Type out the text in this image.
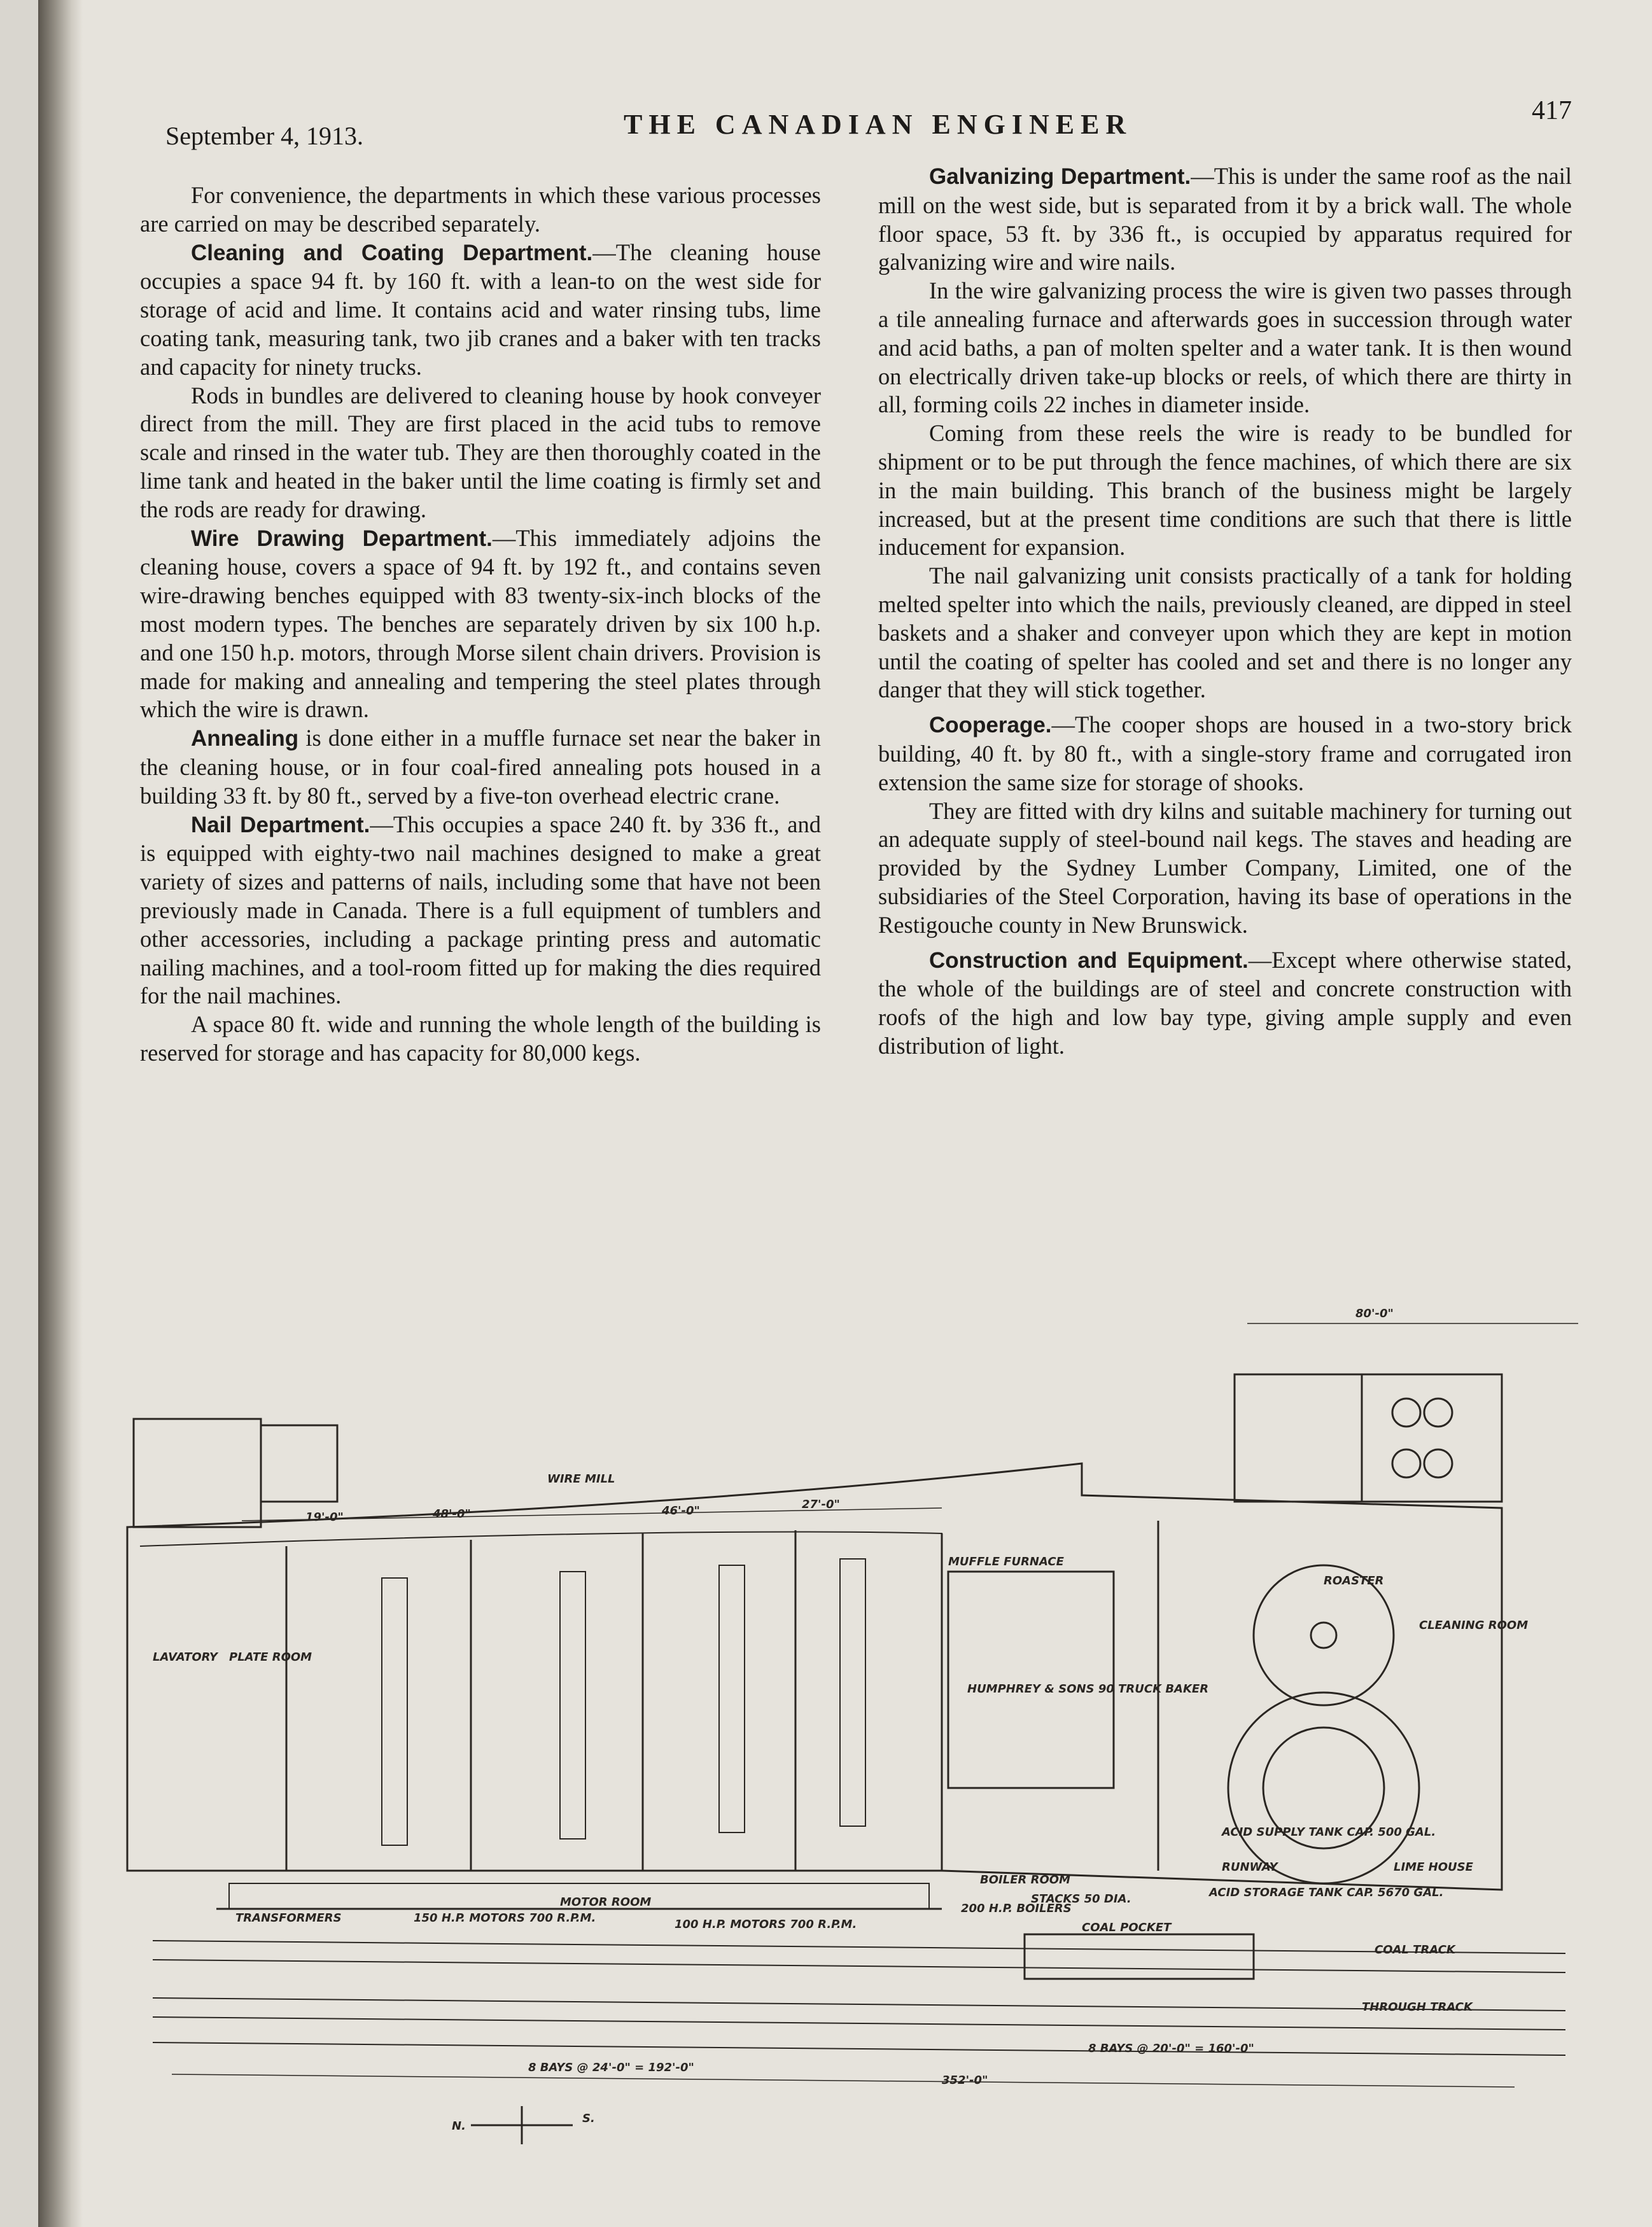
September 4, 1913.	THE CANADIAN ENGINEER	417

For convenience, the departments in which these various processes are carried on may be described separately.

Cleaning and Coating Department.—The cleaning house occupies a space 94 ft. by 160 ft. with a lean-to on the west side for storage of acid and lime. It contains acid and water rinsing tubs, lime coating tank, measuring tank, two jib cranes and a baker with ten tracks and capacity for ninety trucks.

Rods in bundles are delivered to cleaning house by hook conveyer direct from the mill. They are first placed in the acid tubs to remove scale and rinsed in the water tub. They are then thoroughly coated in the lime tank and heated in the baker until the lime coating is firmly set and the rods are ready for drawing.

Wire Drawing Department.—This immediately adjoins the cleaning house, covers a space of 94 ft. by 192 ft., and contains seven wire-drawing benches equipped with 83 twenty-six-inch blocks of the most modern types. The benches are separately driven by six 100 h.p. and one 150 h.p. motors, through Morse silent chain drivers. Provision is made for making and annealing and tempering the steel plates through which the wire is drawn.

Annealing is done either in a muffle furnace set near the baker in the cleaning house, or in four coal-fired annealing pots housed in a building 33 ft. by 80 ft., served by a five-ton overhead electric crane.

Nail Department.—This occupies a space 240 ft. by 336 ft., and is equipped with eighty-two nail machines designed to make a great variety of sizes and patterns of nails, including some that have not been previously made in Canada. There is a full equipment of tumblers and other accessories, including a package printing press and automatic nailing machines, and a tool-room fitted up for making the dies required for the nail machines.

A space 80 ft. wide and running the whole length of the building is reserved for storage and has capacity for 80,000 kegs.

Galvanizing Department.—This is under the same roof as the nail mill on the west side, but is separated from it by a brick wall. The whole floor space, 53 ft. by 336 ft., is occupied by apparatus required for galvanizing wire and wire nails.

In the wire galvanizing process the wire is given two passes through a tile annealing furnace and afterwards goes in succession through water and acid baths, a pan of molten spelter and a water tank. It is then wound on electrically driven take-up blocks or reels, of which there are thirty in all, forming coils 22 inches in diameter inside.

Coming from these reels the wire is ready to be bundled for shipment or to be put through the fence machines, of which there are six in the main building. This branch of the business might be largely increased, but at the present time conditions are such that there is little inducement for expansion.

The nail galvanizing unit consists practically of a tank for holding melted spelter into which the nails, previously cleaned, are dipped in steel baskets and a shaker and conveyer upon which they are kept in motion until the coating of spelter has cooled and set and there is no longer any danger that they will stick together.

Cooperage.—The cooper shops are housed in a two-story brick building, 40 ft. by 80 ft., with a single-story frame and corrugated iron extension the same size for storage of shooks.

They are fitted with dry kilns and suitable machinery for turning out an adequate supply of steel-bound nail kegs. The staves and heading are provided by the Sydney Lumber Company, Limited, one of the subsidiaries of the Steel Corporation, having its base of operations in the Restigouche county in New Brunswick.

Construction and Equipment.—Except where otherwise stated, the whole of the buildings are of steel and concrete construction with roofs of the high and low bay type, giving ample supply and even distribution of light.

WIRE MILL
LAVATORY PLATE ROOM
TRANSFORMERS
MOTOR ROOM
MUFFLE FURNACE
HUMPHREY & SONS 90 TRUCK BAKER
BOILER ROOM
COAL POCKET
COAL TRACK
THROUGH TRACK
ROASTER
CLEANING ROOM
RUNWAY	LIME HOUSE
ACID STORAGE TANK CAP. 5670 GAL.
ACID SUPPLY TANK CAP. 500 GAL.
STACKS 50 DIA.
200 H.P. BOILERS
80'-0"
48'-0"	46'-0"	27'-0"
19'-0"
352'-0"
8 BAYS @ 24'-0" = 192'-0"
8 BAYS @ 20'-0" = 160'-0"
N.
S.
150 H.P. MOTORS 700 R.P.M.	100 H.P. MOTORS 700 R.P.M.
